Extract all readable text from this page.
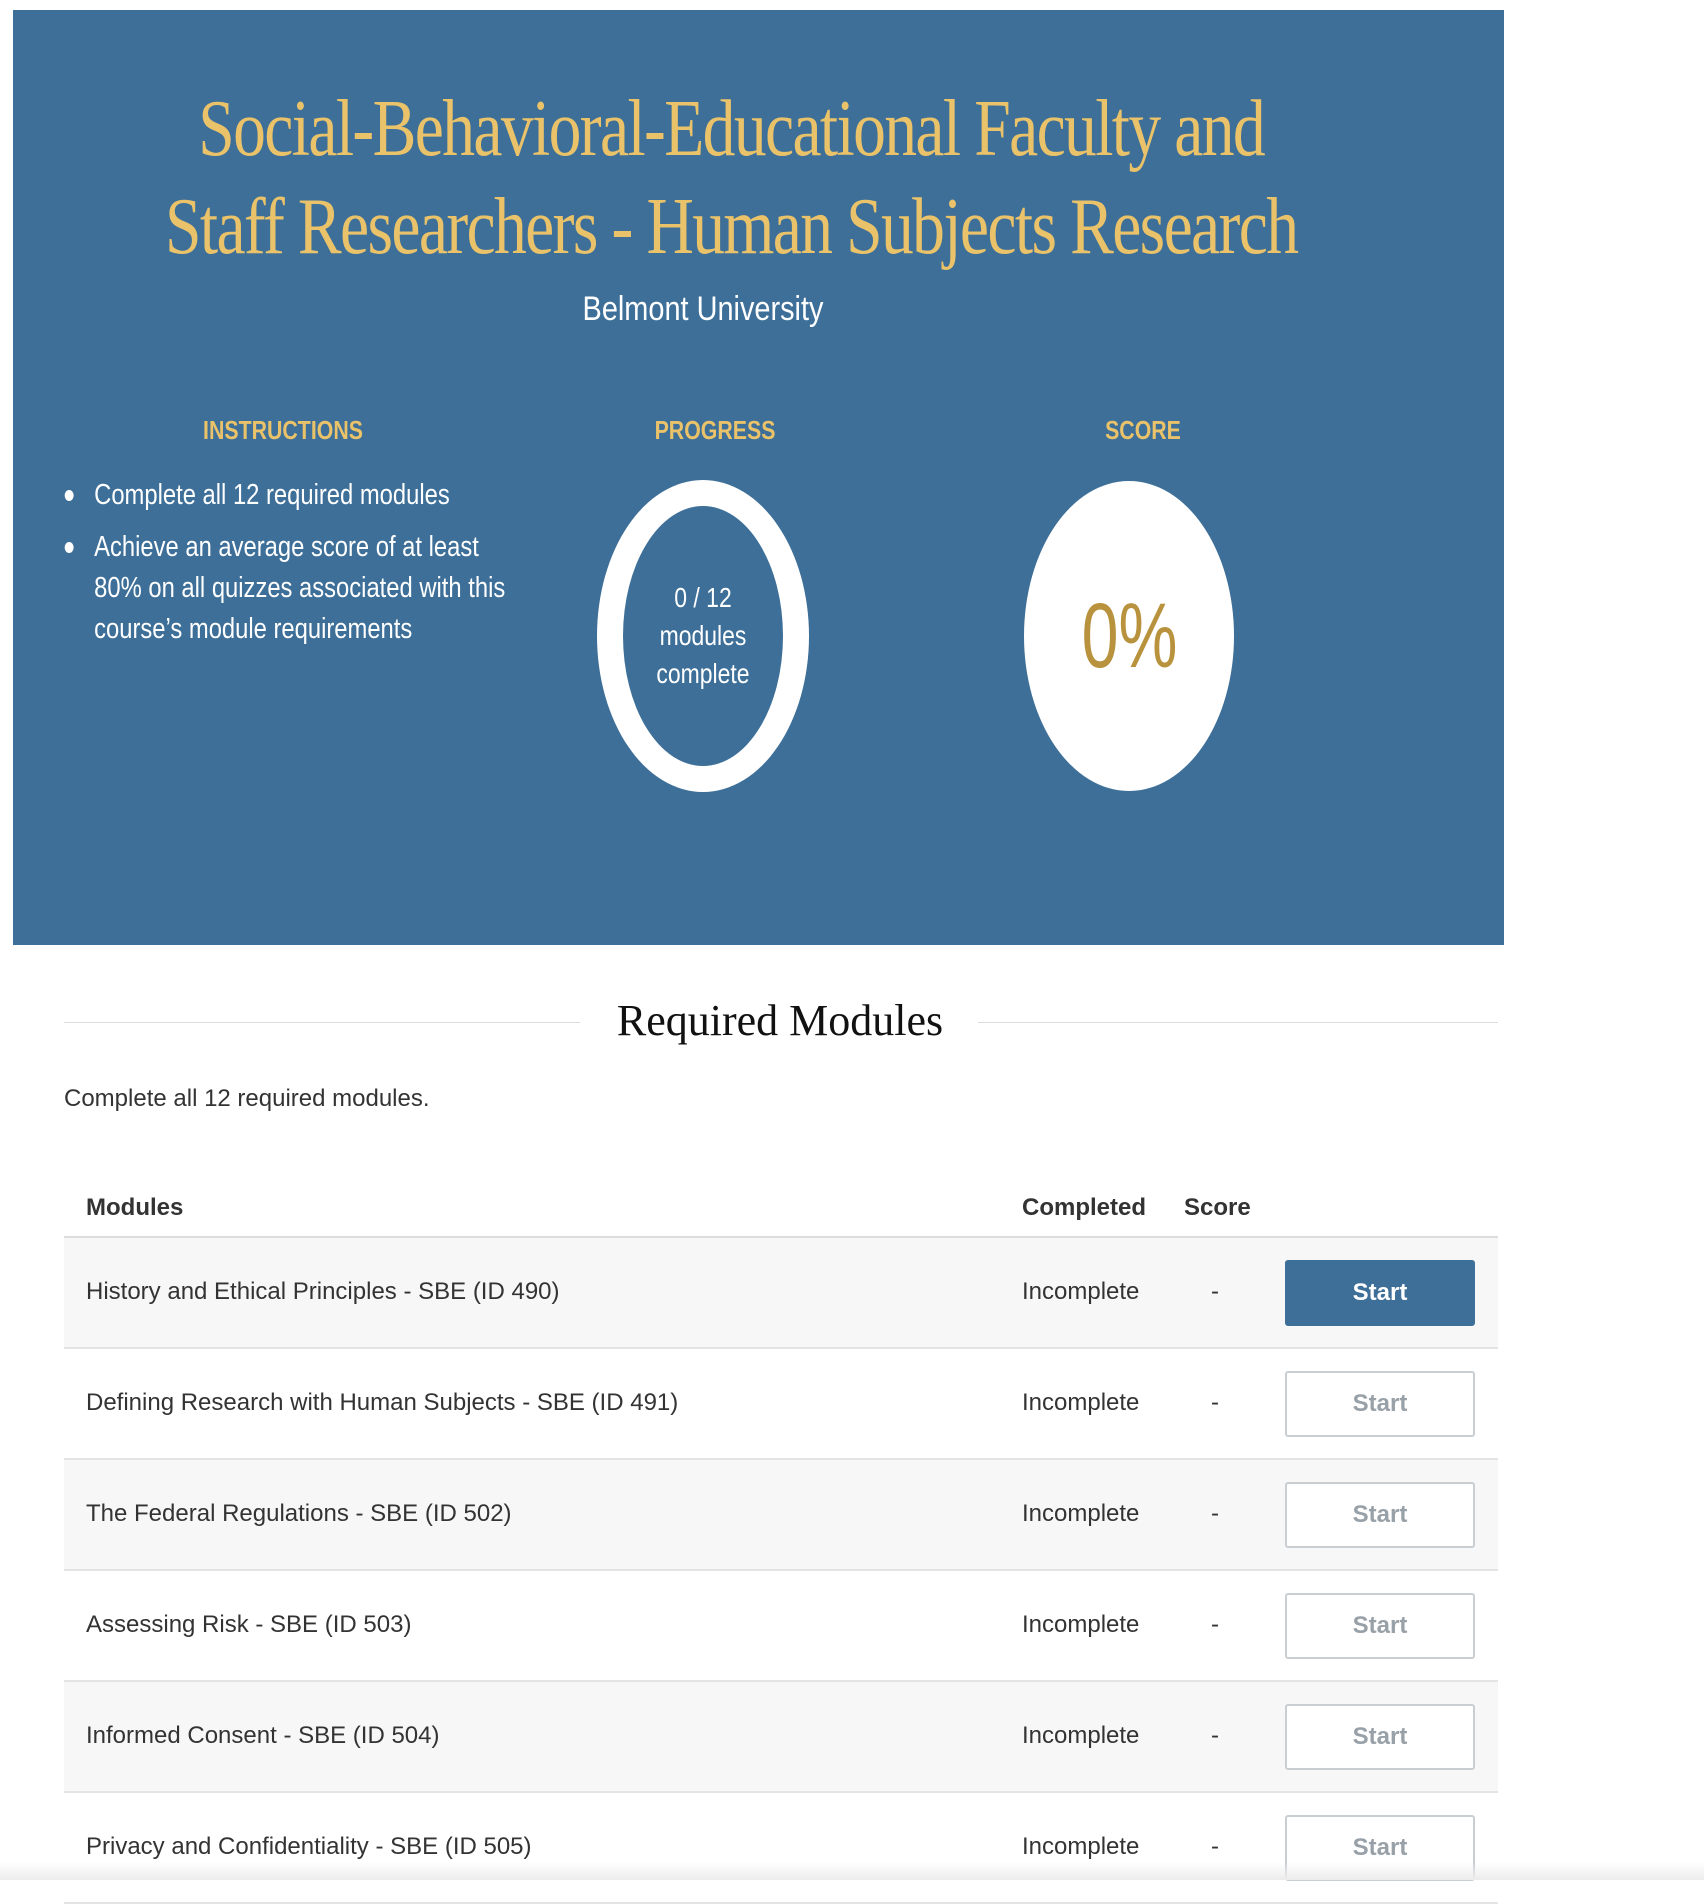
Social-Behavioral-Educational Faculty and Staff Researchers - Human Subjects Research
Belmont University
INSTRUCTIONS	PROGRESS	SCORE
Complete all 12 required modules
Achieve an average score of at least 80% on all quizzes associated with this course’s module requirements
0 / 12
modules
complete	0%
Required Modules
Complete all 12 required modules.
Modules	Completed Score
History and Ethical Principles - SBE (ID 490)	Incomplete	-	Start
Defining Research with Human Subjects - SBE (ID 491)	Incomplete	-	Start
The Federal Regulations - SBE (ID 502)	Incomplete	-	Start
Assessing Risk - SBE (ID 503)	Incomplete	-	Start
Informed Consent - SBE (ID 504)	Incomplete	-	Start
Privacy and Confidentiality - SBE (ID 505)	Incomplete	-	Start
